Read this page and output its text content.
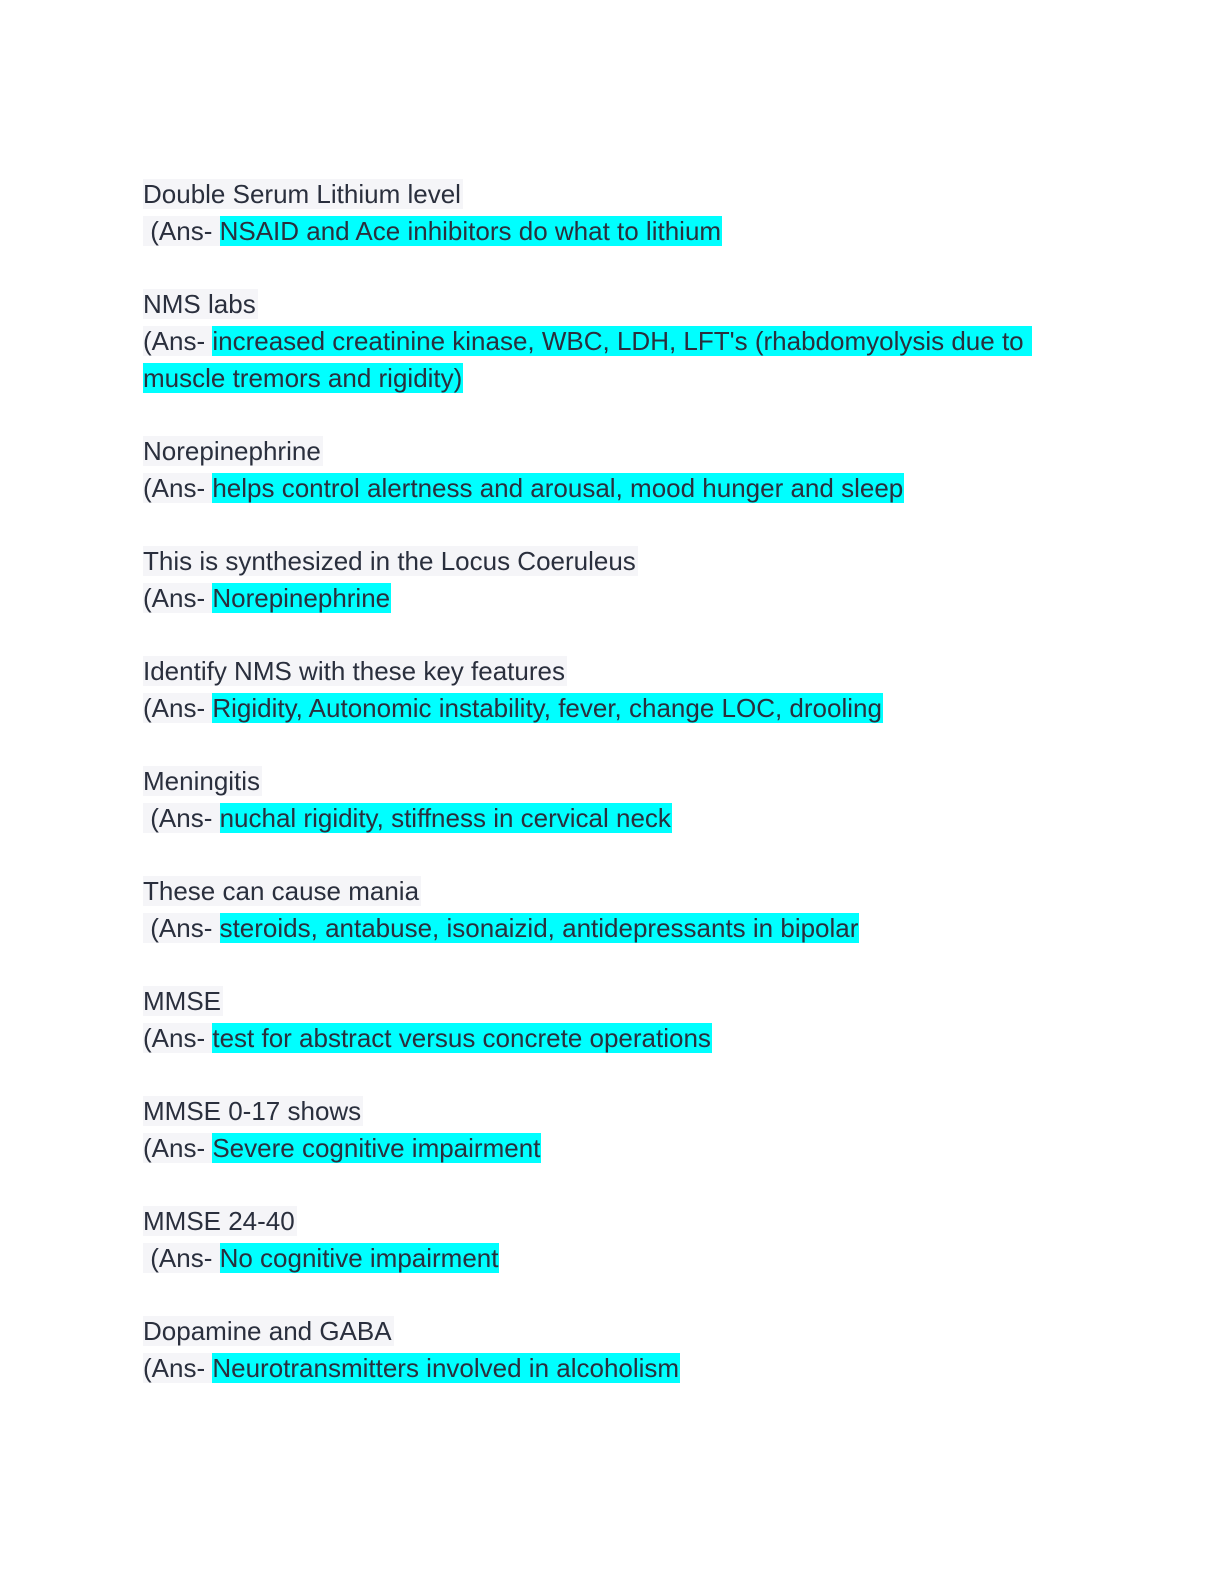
Double Serum Lithium level
(Ans- NSAID and Ace inhibitors do what to lithium
NMS labs
(Ans- increased creatinine kinase, WBC, LDH, LFT's (rhabdomyolysis due to muscle tremors and rigidity)
Norepinephrine
(Ans- helps control alertness and arousal, mood hunger and sleep
This is synthesized in the Locus Coeruleus
(Ans- Norepinephrine
Identify NMS with these key features
(Ans- Rigidity, Autonomic instability, fever, change LOC, drooling
Meningitis
(Ans- nuchal rigidity, stiffness in cervical neck
These can cause mania
(Ans- steroids, antabuse, isonaizid, antidepressants in bipolar
MMSE
(Ans- test for abstract versus concrete operations
MMSE 0-17 shows
(Ans- Severe cognitive impairment
MMSE 24-40
(Ans- No cognitive impairment
Dopamine and GABA
(Ans- Neurotransmitters involved in alcoholism
